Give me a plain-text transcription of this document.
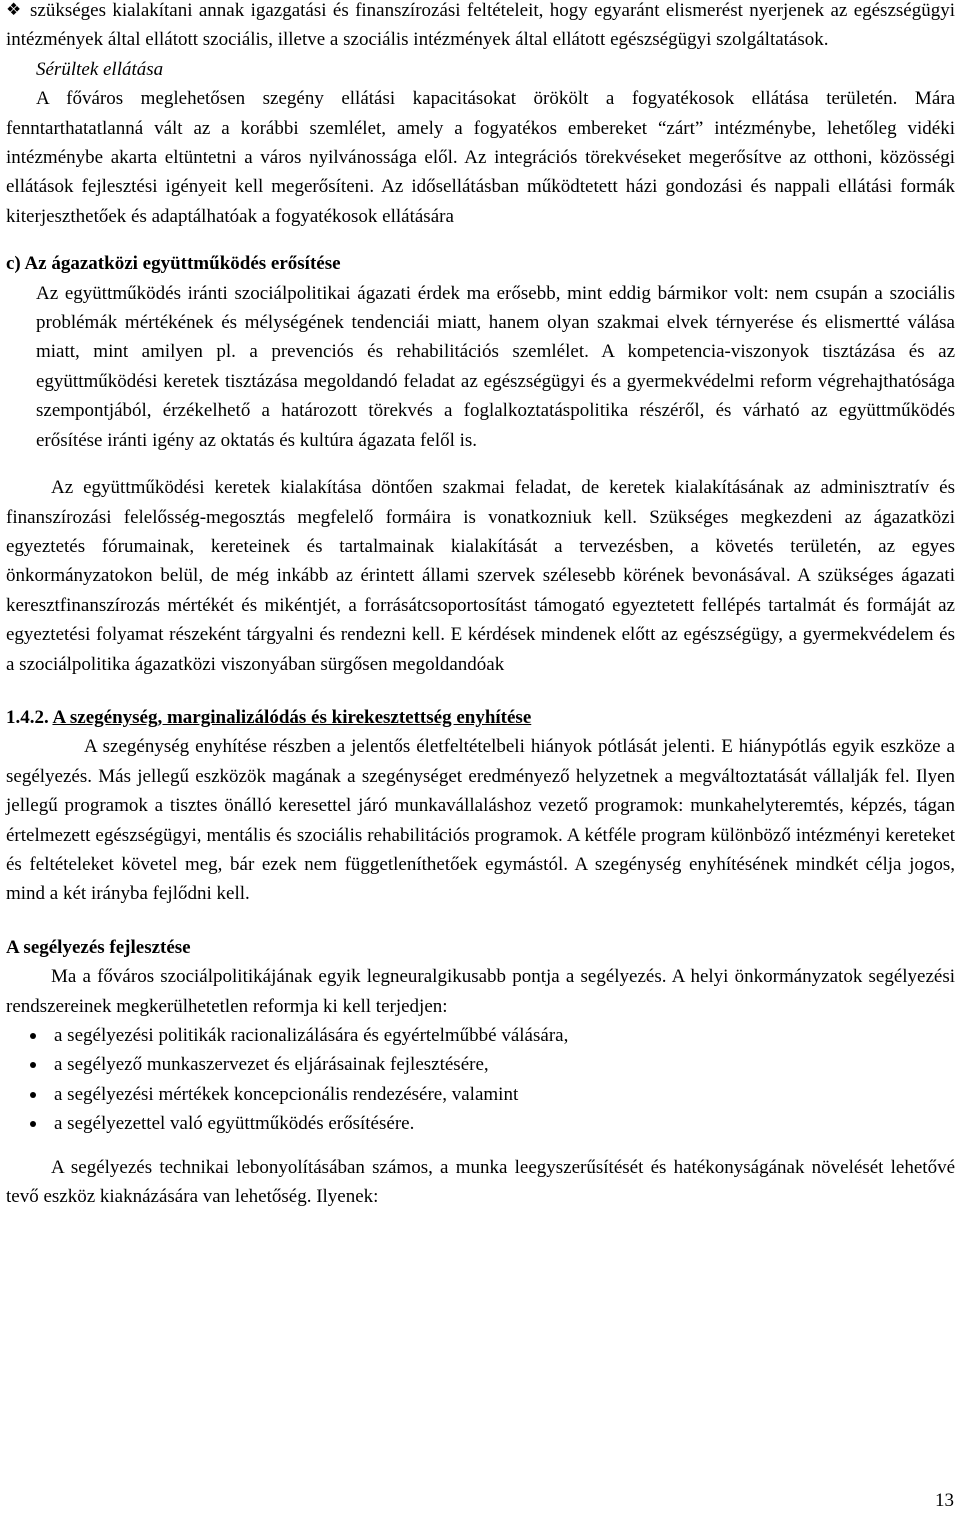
❖ szükséges kialakítani annak igazgatási és finanszírozási feltételeit, hogy egyaránt elismerést nyerjenek az egészségügyi intézmények által ellátott szociális, illetve a szociális intézmények által ellátott egészségügyi szolgáltatások.

Sérültek ellátása

A főváros meglehetősen szegény ellátási kapacitásokat örökölt a fogyatékosok ellátása területén. Mára fenntarthatatlanná vált az a korábbi szemlélet, amely a fogyatékos embereket “zárt” intézménybe, lehetőleg vidéki intézménybe akarta eltüntetni a város nyilvánossága elől. Az integrációs törekvéseket megerősítve az otthoni, közösségi ellátások fejlesztési igényeit kell megerősíteni. Az idősellátásban működtetett házi gondozási és nappali ellátási formák kiterjeszthetőek és adaptálhatóak a fogyatékosok ellátására

c) Az ágazatközi együttműködés erősítése

Az együttműködés iránti szociálpolitikai ágazati érdek ma erősebb, mint eddig bármikor volt: nem csupán a szociális problémák mértékének és mélységének tendenciái miatt, hanem olyan szakmai elvek térnyerése és elismertté válása miatt, mint amilyen pl. a prevenciós és rehabilitációs szemlélet. A kompetencia-viszonyok tisztázása és az együttműködési keretek tisztázása megoldandó feladat az egészségügyi és a gyermekvédelmi reform végrehajthatósága szempontjából, érzékelhető a határozott törekvés a foglalkoztatáspolitika részéről, és várható az együttműködés erősítése iránti igény az oktatás és kultúra ágazata felől is.

Az együttműködési keretek kialakítása döntően szakmai feladat, de keretek kialakításának az adminisztratív és finanszírozási felelősség-megosztás megfelelő formáira is vonatkozniuk kell. Szükséges megkezdeni az ágazatközi egyeztetés fórumainak, kereteinek és tartalmainak kialakítását a tervezésben, a követés területén, az egyes önkormányzatokon belül, de még inkább az érintett állami szervek szélesebb körének bevonásával. A szükséges ágazati keresztfinanszírozás mértékét és mikéntjét, a forrásátcsoportosítást támogató egyeztetett fellépés tartalmát és formáját az egyeztetési folyamat részeként tárgyalni és rendezni kell. E kérdések mindenek előtt az egészségügy, a gyermekvédelem és a szociálpolitika ágazatközi viszonyában sürgősen megoldandóak

1.4.2. A szegénység, marginalizálódás és kirekesztettség enyhítése

A szegénység enyhítése részben a jelentős életfeltételbeli hiányok pótlását jelenti. E hiánypótlás egyik eszköze a segélyezés. Más jellegű eszközök magának a szegénységet eredményező helyzetnek a megváltoztatását vállalják fel. Ilyen jellegű programok a tisztes önálló keresettel járó munkavállaláshoz vezető programok: munkahelyteremtés, képzés, tágan értelmezett egészségügyi, mentális és szociális rehabilitációs programok. A kétféle program különböző intézményi kereteket és feltételeket követel meg, bár ezek nem függetleníthetőek egymástól. A szegénység enyhítésének mindkét célja jogos, mind a két irányba fejlődni kell.

A segélyezés fejlesztése

Ma a főváros szociálpolitikájának egyik legneuralgikusabb pontja a segélyezés. A helyi önkormányzatok segélyezési rendszereinek megkerülhetetlen reformja ki kell terjedjen:

a segélyezési politikák racionalizálására és egyértelműbbé válására,
a segélyező munkaszervezet és eljárásainak fejlesztésére,
a segélyezési mértékek koncepcionális rendezésére, valamint
a segélyezettel való együttműködés erősítésére.

A segélyezés technikai lebonyolításában számos, a munka leegyszerűsítését és hatékonyságának növelését lehetővé tevő eszköz kiaknázására van lehetőség. Ilyenek:

13
